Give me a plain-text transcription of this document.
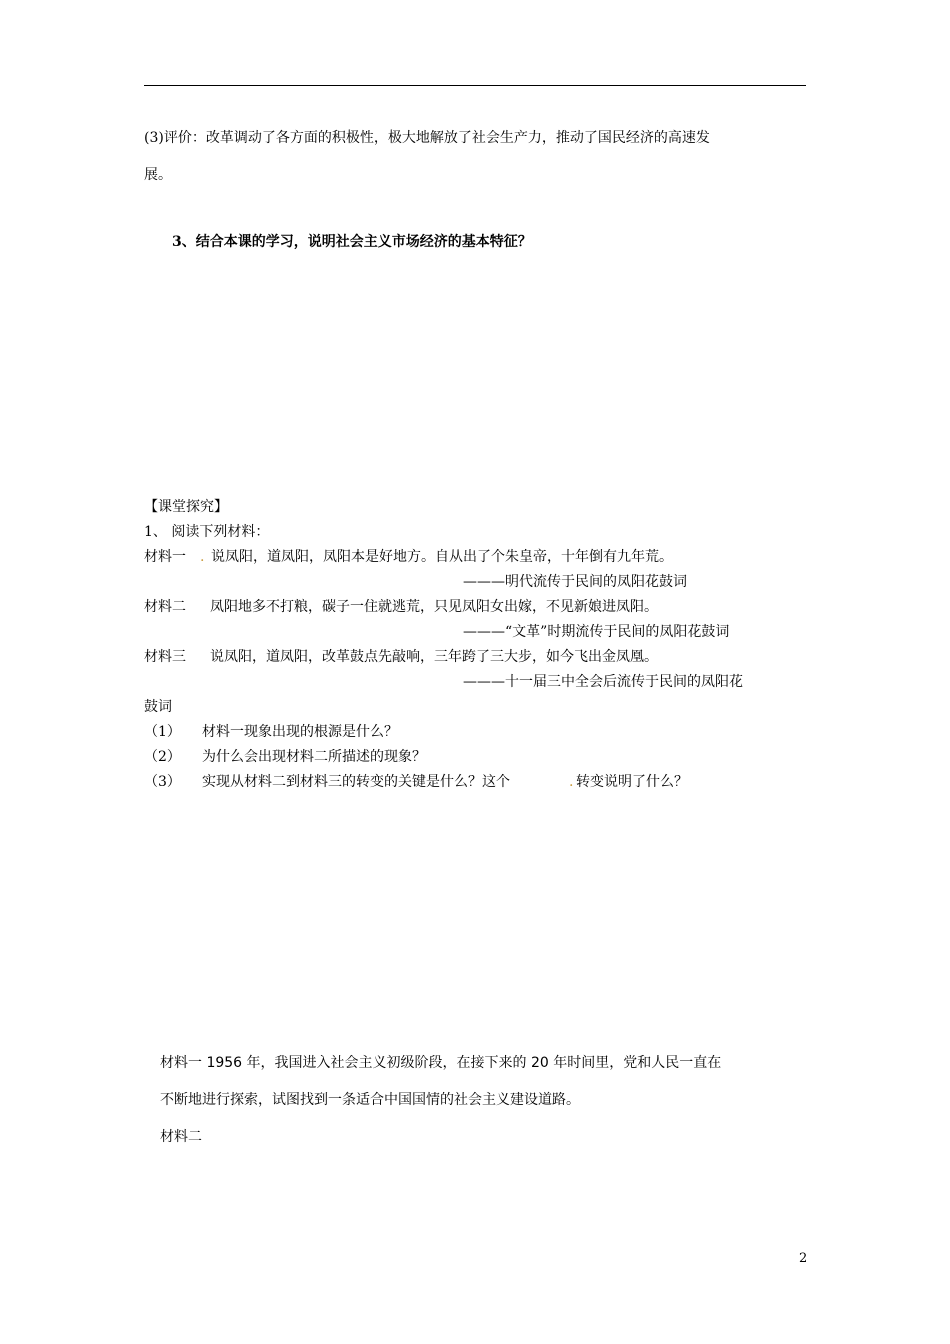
(3)评价：改革调动了各方面的积极性，极大地解放了社会生产力，推动了国民经济的高速发
展。
3、结合本课的学习，说明社会主义市场经济的基本特征？
【课堂探究】
1、 阅读下列材料：
材料一 . 说凤阳，道凤阳，凤阳本是好地方。自从出了个朱皇帝，十年倒有九年荒。
———明代流传于民间的凤阳花鼓词
材料二 凤阳地多不打粮，碳子一住就逃荒，只见凤阳女出嫁，不见新娘进凤阳。
———“文革”时期流传于民间的凤阳花鼓词
材料三 说凤阳，道凤阳，改革鼓点先敲响，三年跨了三大步，如今飞出金凤凰。
———十一届三中全会后流传于民间的凤阳花
鼓词
（1） 材料一现象出现的根源是什么？
（2） 为什么会出现材料二所描述的现象？
（3） 实现从材料二到材料三的转变的关键是什么？这个	. 转变说明了什么？
材料一 1956 年，我国进入社会主义初级阶段，在接下来的 20 年时间里，党和人民一直在
不断地进行探索，试图找到一条适合中国国情的社会主义建设道路。
材料二
2
